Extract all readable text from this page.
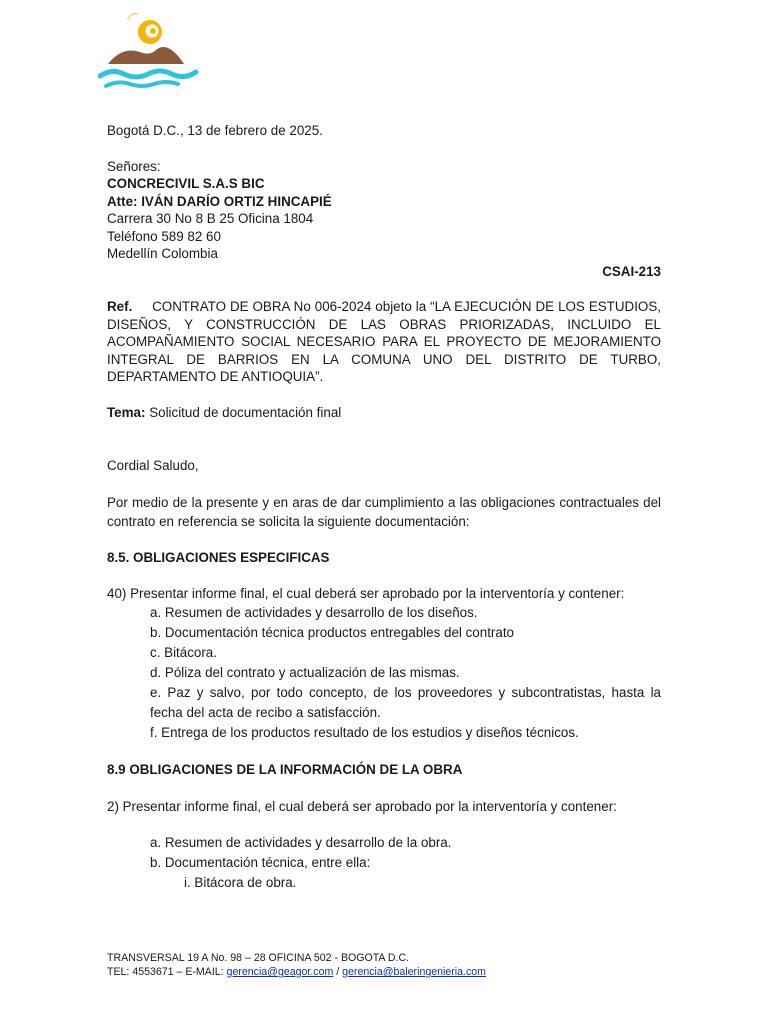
Bogotá D.C., 13 de febrero de 2025.
Señores:
CONCRECIVIL S.A.S BIC
Atte: IVÁN DARÍO ORTIZ HINCAPIÉ
Carrera 30 No 8 B 25 Oficina 1804
Teléfono 589 82 60
Medellín Colombia
CSAI-213
Ref. CONTRATO DE OBRA No 006-2024 objeto la “LA EJECUCIÓN DE LOS ESTUDIOS, DISEÑOS, Y CONSTRUCCIÓN DE LAS OBRAS PRIORIZADAS, INCLUIDO EL ACOMPAÑAMIENTO SOCIAL NECESARIO PARA EL PROYECTO DE MEJORAMIENTO INTEGRAL DE BARRIOS EN LA COMUNA UNO DEL DISTRITO DE TURBO, DEPARTAMENTO DE ANTIOQUIA”.
Tema: Solicitud de documentación final
Cordial Saludo,
Por medio de la presente y en aras de dar cumplimiento a las obligaciones contractuales del contrato en referencia se solicita la siguiente documentación:
8.5. OBLIGACIONES ESPECIFICAS
40) Presentar informe final, el cual deberá ser aprobado por la interventoría y contener:
a. Resumen de actividades y desarrollo de los diseños.
b. Documentación técnica productos entregables del contrato
c. Bitácora.
d. Póliza del contrato y actualización de las mismas.
e. Paz y salvo, por todo concepto, de los proveedores y subcontratistas, hasta la fecha del acta de recibo a satisfacción.
f. Entrega de los productos resultado de los estudios y diseños técnicos.
8.9 OBLIGACIONES DE LA INFORMACIÓN DE LA OBRA
2) Presentar informe final, el cual deberá ser aprobado por la interventoría y contener:
a. Resumen de actividades y desarrollo de la obra.
b. Documentación técnica, entre ella:
i. Bitácora de obra.
TRANSVERSAL 19 A No. 98 – 28 OFICINA 502 - BOGOTA D.C.
TEL: 4553671 – E-MAIL: gerencia@geagor.com / gerencia@baleringenieria.com
